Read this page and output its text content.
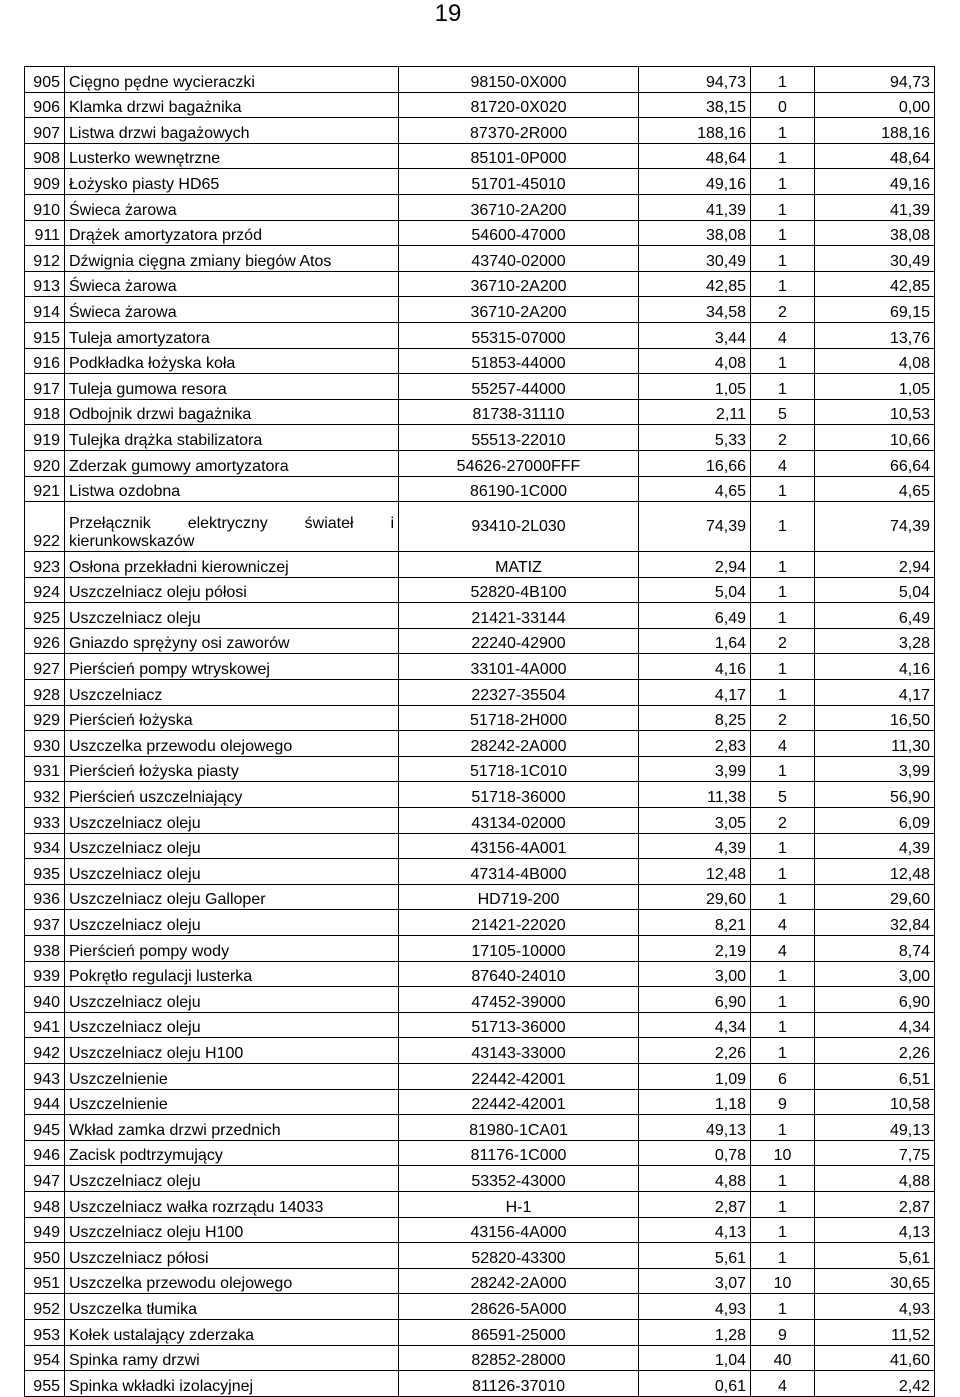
19
905	Cięgno pędne wycieraczki	98150-0X000	94,73	1	94,73
906	Klamka drzwi bagażnika	81720-0X020	38,15	0	0,00
907	Listwa drzwi bagażowych	87370-2R000	188,16	1	188,16
908	Lusterko wewnętrzne	85101-0P000	48,64	1	48,64
909	Łożysko piasty HD65	51701-45010	49,16	1	49,16
910	Świeca żarowa	36710-2A200	41,39	1	41,39
911	Drążek amortyzatora przód	54600-47000	38,08	1	38,08
912	Dźwignia cięgna zmiany biegów Atos	43740-02000	30,49	1	30,49
913	Świeca żarowa	36710-2A200	42,85	1	42,85
914	Świeca żarowa	36710-2A200	34,58	2	69,15
915	Tuleja amortyzatora	55315-07000	3,44	4	13,76
916	Podkładka łożyska koła	51853-44000	4,08	1	4,08
917	Tuleja gumowa resora	55257-44000	1,05	1	1,05
918	Odbojnik drzwi bagażnika	81738-31110	2,11	5	10,53
919	Tulejka drążka stabilizatora	55513-22010	5,33	2	10,66
920	Zderzak gumowy amortyzatora	54626-27000FFF	16,66	4	66,64
921	Listwa ozdobna	86190-1C000	4,65	1	4,65
922	Przełącznik elektryczny świateł i kierunkowskazów	93410-2L030	74,39	1	74,39
923	Osłona przekładni kierowniczej	MATIZ	2,94	1	2,94
924	Uszczelniacz oleju półosi	52820-4B100	5,04	1	5,04
925	Uszczelniacz oleju	21421-33144	6,49	1	6,49
926	Gniazdo sprężyny osi zaworów	22240-42900	1,64	2	3,28
927	Pierścień pompy wtryskowej	33101-4A000	4,16	1	4,16
928	Uszczelniacz	22327-35504	4,17	1	4,17
929	Pierścień łożyska	51718-2H000	8,25	2	16,50
930	Uszczelka przewodu olejowego	28242-2A000	2,83	4	11,30
931	Pierścień łożyska piasty	51718-1C010	3,99	1	3,99
932	Pierścień uszczelniający	51718-36000	11,38	5	56,90
933	Uszczelniacz oleju	43134-02000	3,05	2	6,09
934	Uszczelniacz oleju	43156-4A001	4,39	1	4,39
935	Uszczelniacz oleju	47314-4B000	12,48	1	12,48
936	Uszczelniacz oleju Galloper	HD719-200	29,60	1	29,60
937	Uszczelniacz oleju	21421-22020	8,21	4	32,84
938	Pierścień pompy wody	17105-10000	2,19	4	8,74
939	Pokrętło regulacji lusterka	87640-24010	3,00	1	3,00
940	Uszczelniacz oleju	47452-39000	6,90	1	6,90
941	Uszczelniacz oleju	51713-36000	4,34	1	4,34
942	Uszczelniacz oleju H100	43143-33000	2,26	1	2,26
943	Uszczelnienie	22442-42001	1,09	6	6,51
944	Uszczelnienie	22442-42001	1,18	9	10,58
945	Wkład zamka drzwi przednich	81980-1CA01	49,13	1	49,13
946	Zacisk podtrzymujący	81176-1C000	0,78	10	7,75
947	Uszczelniacz oleju	53352-43000	4,88	1	4,88
948	Uszczelniacz wałka rozrządu 14033	H-1	2,87	1	2,87
949	Uszczelniacz oleju H100	43156-4A000	4,13	1	4,13
950	Uszczelniacz półosi	52820-43300	5,61	1	5,61
951	Uszczelka przewodu olejowego	28242-2A000	3,07	10	30,65
952	Uszczelka tłumika	28626-5A000	4,93	1	4,93
953	Kołek ustalający zderzaka	86591-25000	1,28	9	11,52
954	Spinka ramy drzwi	82852-28000	1,04	40	41,60
955	Spinka wkładki izolacyjnej	81126-37010	0,61	4	2,42
